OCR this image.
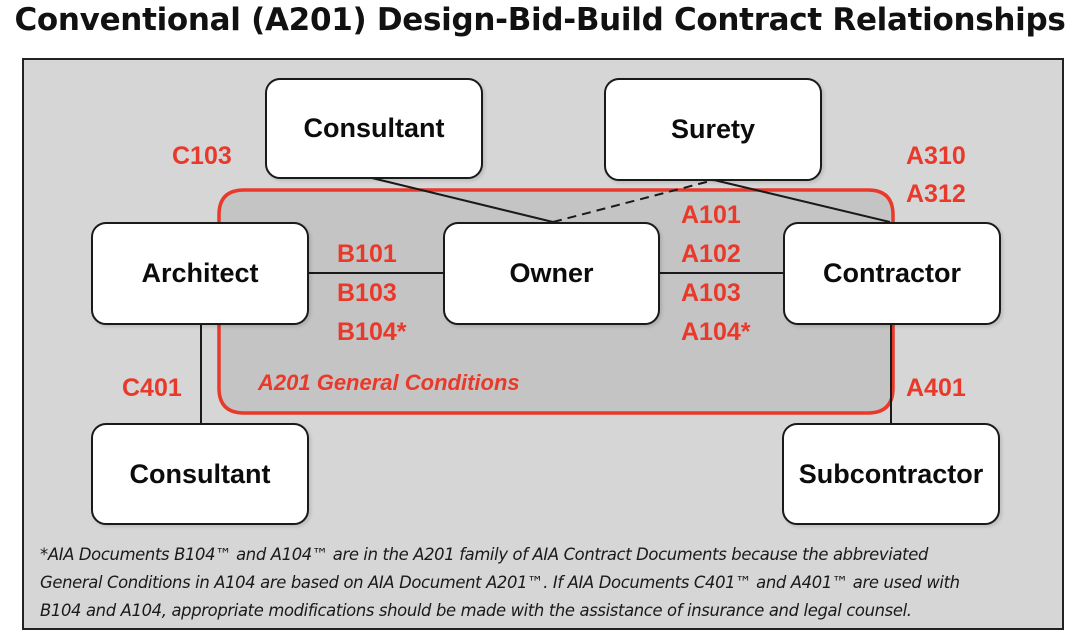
Conventional (A201) Design-Bid-Build Contract Relationships
Consultant	Surety
Architect	Owner	Contractor
Consultant	Subcontractor
C103	A310
A312
B101
B103
B104*
A101
A102
A103
A104*
C401	A401
A201 General Conditions
*AIA Documents B104™ and A104™ are in the A201 family of AIA Contract Documents because the abbreviated
General Conditions in A104 are based on AIA Document A201™. If AIA Documents C401™ and A401™ are used with
B104 and A104, appropriate modifications should be made with the assistance of insurance and legal counsel.
